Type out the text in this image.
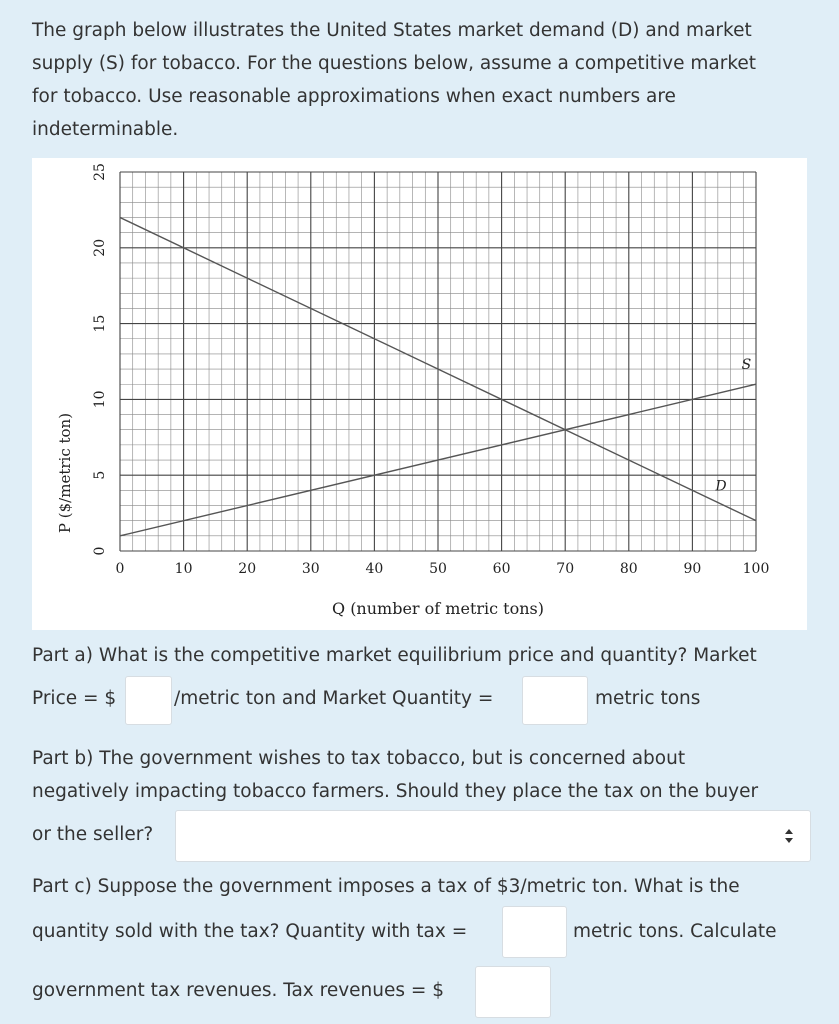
The graph below illustrates the United States market demand (D) and market
supply (S) for tobacco. For the questions below, assume a competitive market
for tobacco. Use reasonable approximations when exact numbers are
indeterminable.
S
D
0	10	20	30	40	50	60	70	80	90	100
0
5
10
15
20
25
Q (number of metric tons)
P ($/metric ton)

Part a) What is the competitive market equilibrium price and quantity? Market

Price = $	/metric ton and Market Quantity =	metric tons

Part b) The government wishes to tax tobacco, but is concerned about

negatively impacting tobacco farmers. Should they place the tax on the buyer

or the seller?

Part c) Suppose the government imposes a tax of $3/metric ton. What is the

quantity sold with the tax? Quantity with tax =	metric tons. Calculate

government tax revenues. Tax revenues = $
